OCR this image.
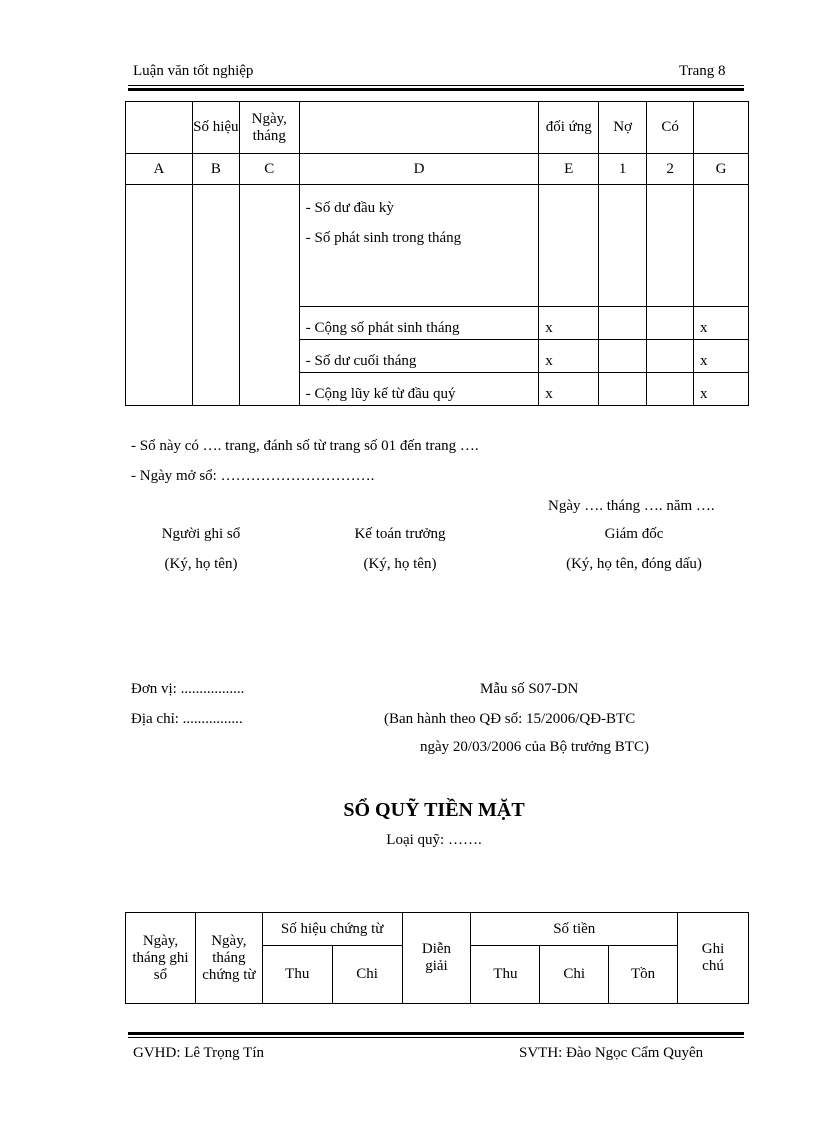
Luận văn tốt nghiệp	Trang 8
	Số hiệu	Ngày, tháng		đối ứng	Nợ	Có	
A	B	C	D	E	1	2	G

			- Số dư đầu kỳ
- Số phát sinh trong tháng				

			- Cộng số phát sinh tháng	x			x
			- Số dư cuối tháng	x			x
			- Cộng lũy kế từ đầu quý	x			x
- Sổ này có …. trang, đánh số từ trang số 01 đến trang ….
- Ngày mở sổ: ………………………….
Ngày …. tháng …. năm ….
Người ghi sổ
(Ký, họ tên)
Kế toán trưởng
(Ký, họ tên)
Giám đốc
(Ký, họ tên, đóng dấu)
Đơn vị: .................
Địa chỉ: ................
Mẫu số S07-DN
(Ban hành theo QĐ số: 15/2006/QĐ-BTC
ngày 20/03/2006 của Bộ trưởng BTC)
SỔ QUỸ TIỀN MẶT
Loại quỹ: …….
Ngày, tháng ghi sổ	Ngày, tháng chứng từ	Số hiệu chứng từ		Diễn giải	Số tiền			Ghi chú
		Thu	Chi		Thu	Chi	Tồn	
GVHD: Lê Trọng Tín	SVTH: Đào Ngọc Cẩm Quyên
